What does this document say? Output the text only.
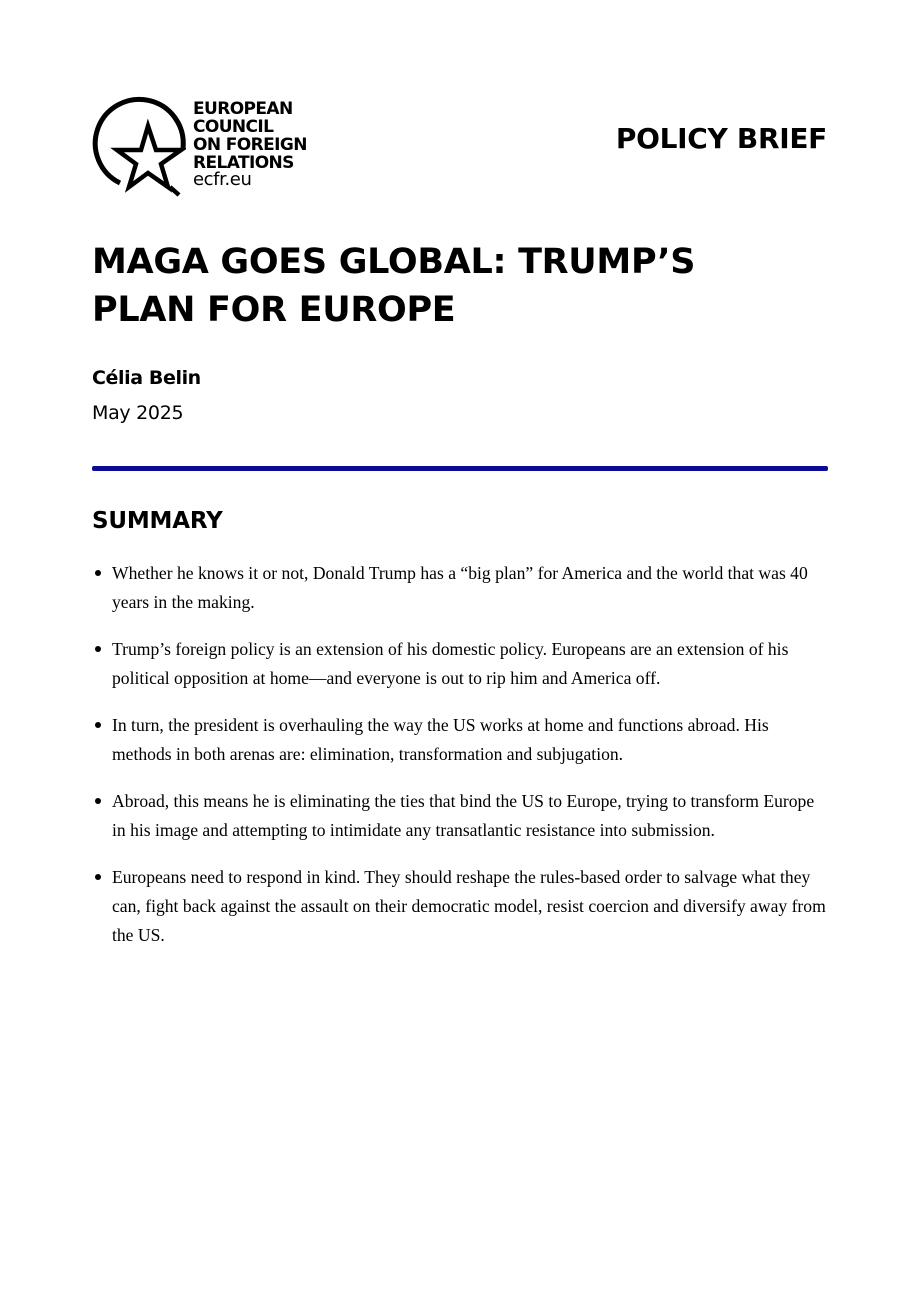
EUROPEAN
COUNCIL
ON FOREIGN
RELATIONS
ecfr.eu
POLICY BRIEF
MAGA GOES GLOBAL: TRUMP’S PLAN FOR EUROPE
Célia Belin
May 2025
SUMMARY
Whether he knows it or not, Donald Trump has a “big plan” for America and the world that was 40 years in the making.
Trump’s foreign policy is an extension of his domestic policy. Europeans are an extension of his political opposition at home—and everyone is out to rip him and America off.
In turn, the president is overhauling the way the US works at home and functions abroad. His methods in both arenas are: elimination, transformation and subjugation.
Abroad, this means he is eliminating the ties that bind the US to Europe, trying to transform Europe in his image and attempting to intimidate any transatlantic resistance into submission.
Europeans need to respond in kind. They should reshape the rules-based order to salvage what they can, fight back against the assault on their democratic model, resist coercion and diversify away from the US.
